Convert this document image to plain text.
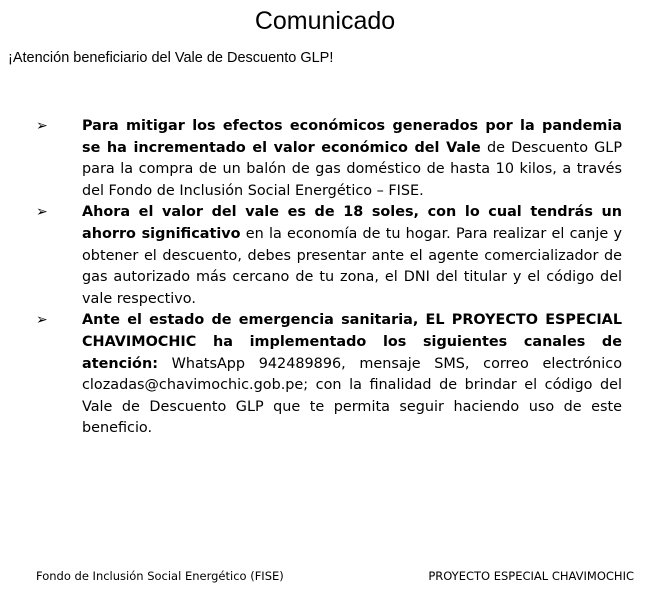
Comunicado
¡Atención beneficiario del Vale de Descuento GLP!
➢ Para mitigar los efectos económicos generados por la pandemia se ha incrementado el valor económico del Vale de Descuento GLP para la compra de un balón de gas doméstico de hasta 10 kilos, a través del Fondo de Inclusión Social Energético – FISE.
➢ Ahora el valor del vale es de 18 soles, con lo cual tendrás un ahorro significativo en la economía de tu hogar. Para realizar el canje y obtener el descuento, debes presentar ante el agente comercializador de gas autorizado más cercano de tu zona, el DNI del titular y el código del vale respectivo.
➢ Ante el estado de emergencia sanitaria, EL PROYECTO ESPECIAL CHAVIMOCHIC ha implementado los siguientes canales de atención: WhatsApp 942489896, mensaje SMS, correo electrónico clozadas@chavimochic.gob.pe; con la finalidad de brindar el código del Vale de Descuento GLP que te permita seguir haciendo uso de este beneficio.
Fondo de Inclusión Social Energético (FISE)	PROYECTO ESPECIAL CHAVIMOCHIC
